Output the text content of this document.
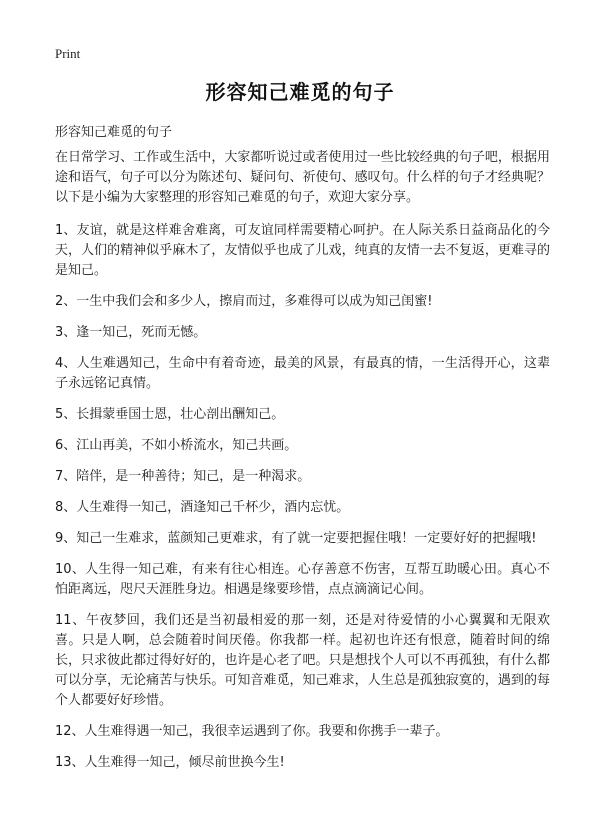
Print
形容知己难觅的句子
形容知己难觅的句子

在日常学习、工作或生活中，大家都听说过或者使用过一些比较经典的句子吧，根据用途和语气，句子可以分为陈述句、疑问句、祈使句、感叹句。什么样的句子才经典呢？以下是小编为大家整理的形容知己难觅的句子，欢迎大家分享。

1、友谊，就是这样难舍难离，可友谊同样需要精心呵护。在人际关系日益商品化的今天，人们的精神似乎麻木了，友情似乎也成了儿戏，纯真的友情一去不复返，更难寻的是知己。

2、一生中我们会和多少人，擦肩而过，多难得可以成为知己闺蜜!

3、逢一知己，死而无憾。

4、人生难遇知己，生命中有着奇迹，最美的风景，有最真的情，一生活得开心，这辈子永远铭记真情。

5、长揖蒙垂国士恩，壮心剖出酬知己。

6、江山再美，不如小桥流水，知己共画。

7、陪伴，是一种善待；知己，是一种渴求。

8、人生难得一知己，酒逢知己千杯少，酒内忘忧。

9、知己一生难求，蓝颜知己更难求，有了就一定要把握住哦！一定要好好的把握哦!

10、人生得一知己难，有来有往心相连。心存善意不伤害，互帮互助暖心田。真心不怕距离远，咫尺天涯胜身边。相遇是缘要珍惜，点点滴滴记心间。

11、午夜梦回，我们还是当初最相爱的那一刻，还是对待爱情的小心翼翼和无限欢喜。只是人啊，总会随着时间厌倦。你我都一样。起初也许还有恨意，随着时间的绵长，只求彼此都过得好好的，也许是心老了吧。只是想找个人可以不再孤独，有什么都可以分享，无论痛苦与快乐。可知音难觅，知己难求，人生总是孤独寂寞的，遇到的每个人都要好好珍惜。

12、人生难得遇一知己，我很幸运遇到了你。我要和你携手一辈子。

13、人生难得一知己，倾尽前世换今生!
